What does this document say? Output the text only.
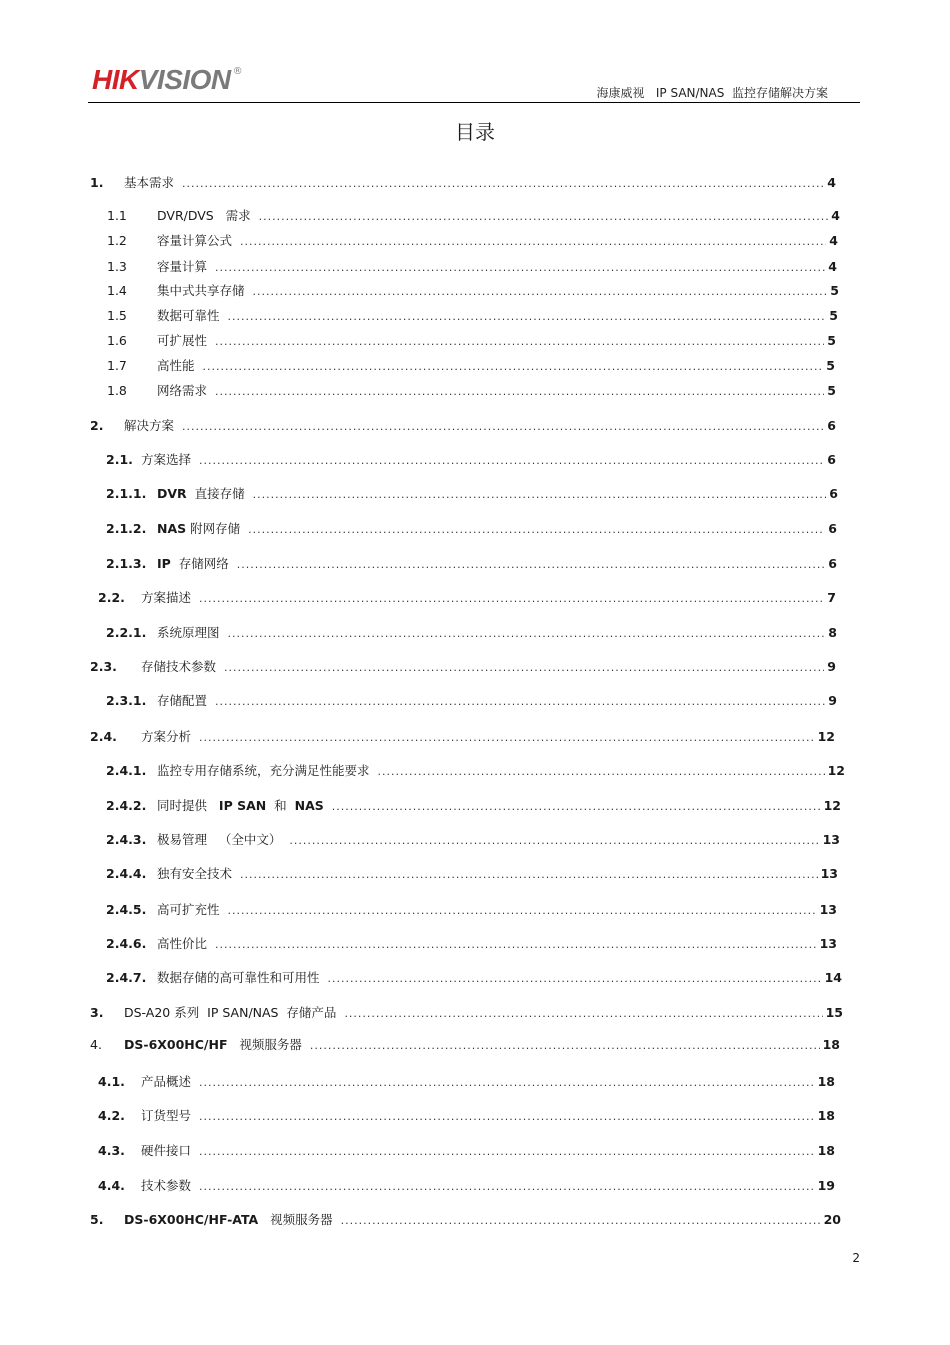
HIKVISION ®
海康威视   IP SAN/NAS  监控存储解决方案
目录
1.	基本需求 .....	4
1.1	DVR/DVS   需求 .....	4
1.2	容量计算公式 .....	4
1.3	容量计算 .....	4
1.4	集中式共享存储 .....	5
1.5	数据可靠性 .....	5
1.6	可扩展性 .....	5
1.7	高性能 .....	5
1.8	网络需求 .....	5
2.	解决方案 .....	6
2.1. 方案选择 .....	6
2.1.1. DVR  直接存储 .....	6
2.1.2. NAS 附网存储 .....	6
2.1.3. IP  存储网络 .....	6
2.2.	方案描述 .....	7
2.2.1. 系统原理图 .....	8
2.3.	存储技术参数 .....	9
2.3.1. 存储配置 .....	9
2.4.	方案分析 .....	12
2.4.1. 监控专用存储系统，充分满足性能要求 .....	12
2.4.2. 同时提供   IP SAN  和  NAS .....	12
2.4.3. 极易管理   （全中文） .....	13
2.4.4. 独有安全技术 .....	13
2.4.5. 高可扩充性 .....	13
2.4.6. 高性价比 .....	13
2.4.7. 数据存储的高可靠性和可用性 .....	14
3.	DS-A20 系列  IP SAN/NAS  存储产品 .....	15
4.	DS-6X00HC/HF   视频服务器 .....	18
4.1.	产品概述 .....	18
4.2.	订货型号 .....	18
4.3.	硬件接口 .....	18
4.4.	技术参数 .....	19
5.	DS-6X00HC/HF-ATA   视频服务器 .....	20
2
